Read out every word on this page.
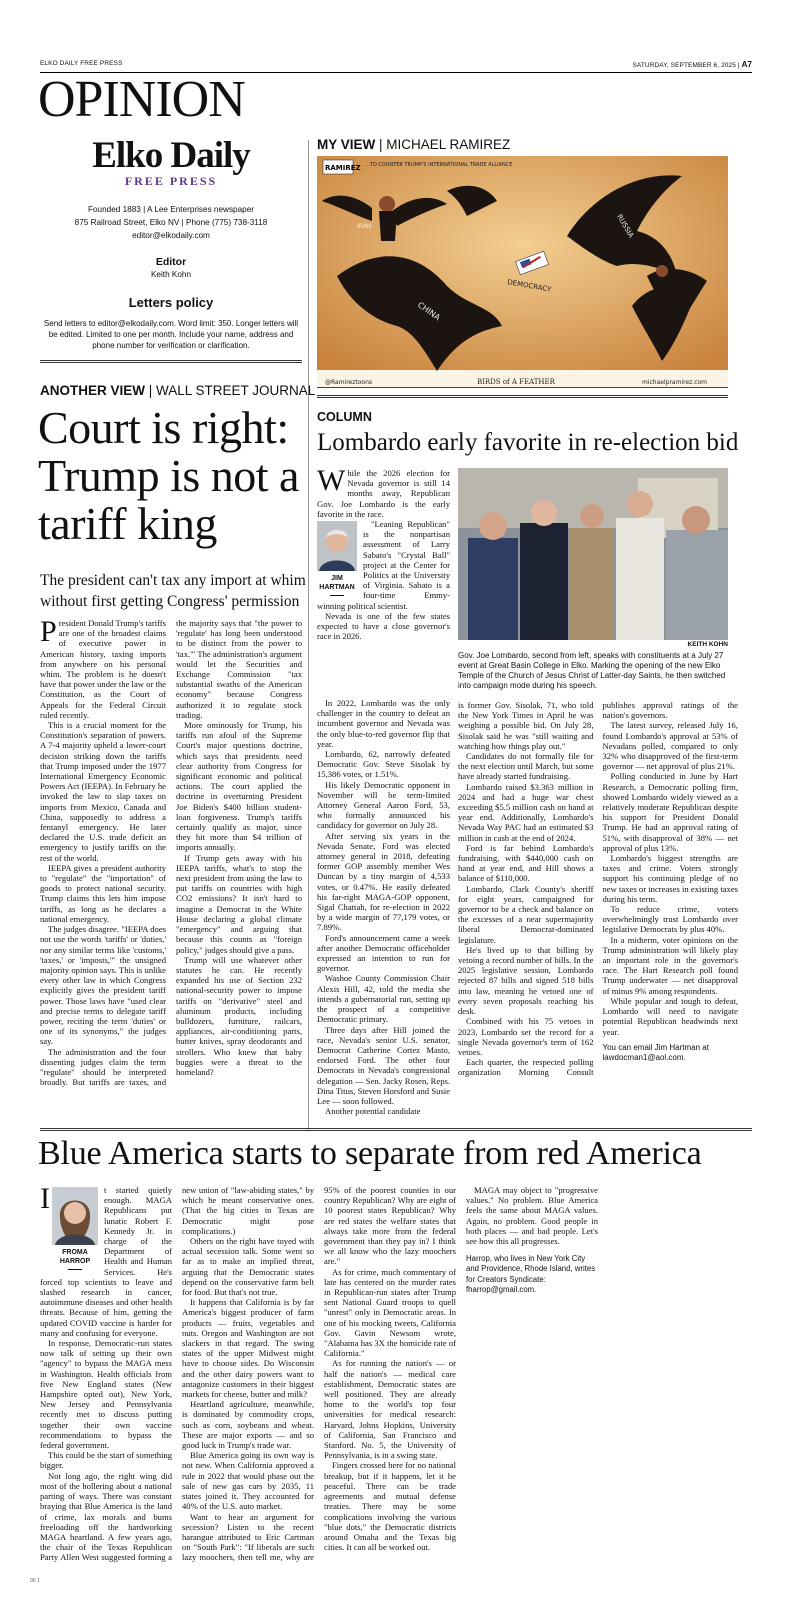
ELKO DAILY FREE PRESS	SATURDAY, SEPTEMBER 6, 2025 | A7
OPINION
Elko Daily
FREE PRESS
Founded 1883 | A Lee Enterprises newspaper
875 Railroad Street, Elko NV | Phone (775) 738-3118
editor@elkodaily.com
Editor
Keith Kohn
Letters policy
Send letters to editor@elkodaily.com. Word limit: 350. Longer letters will be edited. Limited to one per month. Include your name, address and phone number for verification or clarification.
MY VIEW | MICHAEL RAMIREZ
RAMIREZ ...TO COUNTER TRUMP'S INTERNATIONAL TRADE ALLIANCE
CHINA
IRAN	RUSSIA
DEMOCRACY
@Ramireztoons	BIRDS of A FEATHER	michaelpramirez.com
ANOTHER VIEW | WALL STREET JOURNAL
Court is right: Trump is not a tariff king
The president can't tax any import at whim without first getting Congress' permission

President Donald Trump's tariffs are one of the broadest claims of executive power in American history, taxing imports from anywhere on his personal whim. The problem is he doesn't have that power under the law or the Constitution, as the Court of Appeals for the Federal Circuit ruled recently.

This is a crucial moment for the Constitution's separation of powers. A 7-4 majority upheld a lower-court decision striking down the tariffs that Trump imposed under the 1977 International Emergency Economic Powers Act (IEEPA). In February he invoked the law to slap taxes on imports from Mexico, Canada and China, supposedly to address a fentanyl emergency. He later declared the U.S. trade deficit an emergency to justify tariffs on the rest of the world.

IEEPA gives a president authority to "regulate" the "importation" of goods to protect national security. Trump claims this lets him impose tariffs, as long as he declares a national emergency.

The judges disagree. "IEEPA does not use the words 'tariffs' or 'duties,' nor any similar terms like 'customs,' 'taxes,' or 'imposts,'" the unsigned majority opinion says. This is unlike every other law in which Congress explicitly gives the president tariff power. Those laws have "used clear and precise terms to delegate tariff power, reciting the term 'duties' or one of its synonyms," the judges say.

The administration and the four dissenting judges claim the term "regulate" should be interpreted broadly. But tariffs are taxes, and the majority says that "the power to 'regulate' has long been understood to be distinct from the power to 'tax.'" The administration's argument would let the Securities and Exchange Commission "tax substantial swaths of the American economy" because Congress authorized it to regulate stock trading.

More ominously for Trump, his tariffs run afoul of the Supreme Court's major questions doctrine, which says that presidents need clear authority from Congress for significant economic and political actions. The court applied the doctrine in overturning President Joe Biden's $400 billion student-loan forgiveness. Trump's tariffs certainly qualify as major, since they hit more than $4 trillion of imports annually.

If Trump gets away with his IEEPA tariffs, what's to stop the next president from using the law to put tariffs on countries with high CO2 emissions? It isn't hard to imagine a Democrat in the White House declaring a global climate "emergency" and arguing that because this counts as "foreign policy," judges should give a pass.

Trump will use whatever other statutes he can. He recently expanded his use of Section 232 national-security power to impose tariffs on "derivative" steel and aluminum products, including bulldozers, furniture, railcars, appliances, air-conditioning parts, butter knives, spray deodorants and strollers. Who knew that baby buggies were a threat to the homeland?

COLUMN
Lombardo early favorite in re-election bid
KEITH KOHN
Gov. Joe Lombardo, second from left, speaks with constituents at a July 27 event at Great Basin College in Elko. Marking the opening of the new Elko Temple of the Church of Jesus Christ of Latter-day Saints, he then switched into campaign mode during his speech.

While the 2026 election for Nevada governor is still 14 months away, Republican Gov. Joe Lombardo is the early favorite in the race.

JIM
HARTMAN

"Leaning Republican" is the nonpartisan assessment of Larry Sabato's "Crystal Ball" project at the Center for Politics at the University of Virginia. Sabato is a four-time Emmy-winning political scientist.

Nevada is one of the few states expected to have a close governor's race in 2026.

In 2022, Lombardo was the only challenger in the country to defeat an incumbent governor and Nevada was the only blue-to-red governor flip that year.

Lombardo, 62, narrowly defeated Democratic Gov. Steve Sisolak by 15,386 votes, or 1.51%.

His likely Democratic opponent in November will be term-limited Attorney General Aaron Ford, 53, who formally announced his candidacy for governor on July 28.

After serving six years in the Nevada Senate, Ford was elected attorney general in 2018, defeating former GOP assembly member Wes Duncan by a tiny margin of 4,533 votes, or 0.47%. He easily defeated his far-right MAGA-GOP opponent, Sigal Chattah, for re-election in 2022 by a wide margin of 77,179 votes, or 7.89%.

Ford's announcement came a week after another Democratic officeholder expressed an intention to run for governor.

Washoe County Commission Chair Alexis Hill, 42, told the media she intends a gubernatorial run, setting up the prospect of a competitive Democratic primary.

Three days after Hill joined the race, Nevada's senior U.S. senator, Democrat Catherine Cortez Masto, endorsed Ford. The other four Democrats in Nevada's congressional delegation — Sen. Jacky Rosen, Reps. Dina Titus, Steven Horsford and Susie Lee — soon followed.

Another potential candidate

is former Gov. Sisolak, 71, who told the New York Times in April he was weighing a possible bid. On July 28, Sisolak said he was "still waiting and watching how things play out."

Candidates do not formally file for the next election until March, but some have already started fundraising.

Lombardo raised $3.363 million in 2024 and had a huge war chest exceeding $5.5 million cash on hand at year end. Additionally, Lombardo's Nevada Way PAC had an estimated $3 million in cash at the end of 2024.

Ford is far behind Lombardo's fundraising, with $440,000 cash on hand at year end, and Hill shows a balance of $110,000.

Lombardo, Clark County's sheriff for eight years, campaigned for governor to be a check and balance on the excesses of a near supermajority liberal Democrat-dominated legislature.

He's lived up to that billing by vetoing a record number of bills. In the 2025 legislative session, Lombardo rejected 87 bills and signed 518 bills into law, meaning he vetoed one of every seven proposals reaching his desk.

Combined with his 75 vetoes in 2023, Lombardo set the record for a single Nevada governor's term of 162 vetoes.

Each quarter, the respected polling organization Morning Consult publishes approval ratings of the nation's governors.

The latest survey, released July 16, found Lombardo's approval at 53% of Nevadans polled, compared to only 32% who disapproved of the first-term governor — net approval of plus 21%.

Polling conducted in June by Hart Research, a Democratic polling firm, showed Lombardo widely viewed as a relatively moderate Republican despite his support for President Donald Trump. He had an approval rating of 51%, with disapproval of 38% — net approval of plus 13%.

Lombardo's biggest strengths are taxes and crime. Voters strongly support his continuing pledge of no new taxes or increases in existing taxes during his term.

To reduce crime, voters overwhelmingly trust Lombardo over legislative Democrats by plus 40%.

In a midterm, voter opinions on the Trump administration will likely play an important role in the governor's race. The Hart Research poll found Trump underwater — net disapproval of minus 9% among respondents.

While popular and tough to defeat, Lombardo will need to navigate potential Republican headwinds next year.

You can email Jim Hartman at lawdocman1@aol.com.

Blue America starts to separate from red America

I
FROMA
HARROP
t started quietly enough. MAGA Republicans put lunatic Robert F. Kennedy Jr. in charge of the Department of Health and Human Services. He's forced top scientists to leave and slashed research in cancer, autoimmune diseases and other health threats. Because of him, getting the updated COVID vaccine is harder for many and confusing for everyone.

In response, Democratic-run states now talk of setting up their own "agency" to bypass the MAGA mess in Washington. Health officials from five New England states (New Hampshire opted out), New York, New Jersey and Pennsylvania recently met to discuss putting together their own vaccine recommendations to bypass the federal government.

This could be the start of something bigger.

Not long ago, the right wing did most of the hollering about a national parting of ways. There was constant braying that Blue America is the land of crime, lax morals and bums freeloading off the hardworking MAGA heartland. A few years ago, the chair of the Texas Republican Party Allen West suggested forming a new union of "law-abiding states," by which he meant conservative ones. (That the big cities in Texas are Democratic might pose complications.)

Others on the right have toyed with actual secession talk. Some went so far as to make an implied threat, arguing that the Democratic states depend on the conservative farm belt for food. But that's not true.

It happens that California is by far America's biggest producer of farm products — fruits, vegetables and nuts. Oregon and Washington are not slackers in that regard. The swing states of the upper Midwest might have to choose sides. Do Wisconsin and the other dairy powers want to antagonize customers in their biggest markets for cheese, butter and milk?

Heartland agriculture, meanwhile, is dominated by commodity crops, such as corn, soybeans and wheat. These are major exports — and so good luck in Trump's trade war.

Blue America going its own way is not new. When California approved a rule in 2022 that would phase out the sale of new gas cars by 2035, 11 states joined it. They accounted for 40% of the U.S. auto market.

Want to hear an argument for secession? Listen to the recent harangue attributed to Eric Cartman on "South Park": "If liberals are such lazy moochers, then tell me, why are 95% of the poorest counties in our country Republican? Why are eight of 10 poorest states Republican? Why are red states the welfare states that always take more from the federal government than they pay in? I think we all know who the lazy moochers are."

As for crime, much commentary of late has centered on the murder rates in Republican-run states after Trump sent National Guard troops to quell "unrest" only in Democratic areas. In one of his mocking tweets, California Gov. Gavin Newsom wrote, "Alabama has 3X the homicide rate of California."

As for running the nation's — or half the nation's — medical care establishment, Democratic states are well positioned. They are already home to the world's top four universities for medical research: Harvard, Johns Hopkins, University of California, San Francisco and Stanford. No. 5, the University of Pennsylvania, is in a swing state.

Fingers crossed here for no national breakup, but if it happens, let it be peaceful. There can be trade agreements and mutual defense treaties. There may be some complications involving the various "blue dots," the Democratic districts around Omaha and the Texas big cities. It can all be worked out.

MAGA may object to "progressive values." No problem. Blue America feels the same about MAGA values. Again, no problem. Good people in both places — and bad people. Let's see how this all progresses.

Harrop, who lives in New York City and Providence, Rhode Island, writes for Creators Syndicate: fharrop@gmail.com.

00 1
